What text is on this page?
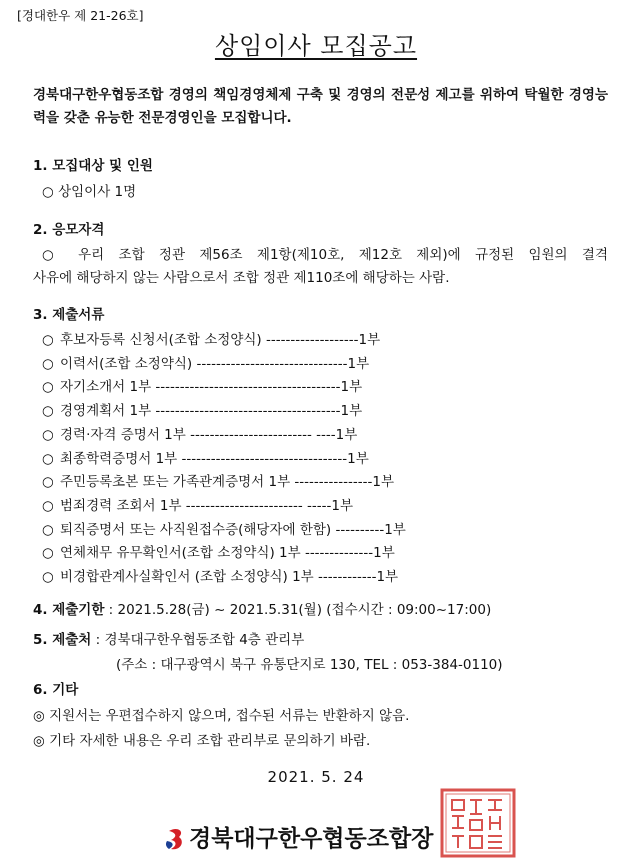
[경대한우 제 21-26호]
상임이사 모집공고
경북대구한우협동조합 경영의 책임경영체제 구축 및 경영의 전문성 제고를 위하여 탁월한 경영능력을 갖춘 유능한 전문경영인을 모집합니다.
1. 모집대상 및 인원
○ 상임이사 1명
2. 응모자격
○ 우리 조합 정관 제56조 제1항(제10호, 제12호 제외)에 규정된 임원의 결격
사유에 해당하지 않는 사람으로서 조합 정관 제110조에 해당하는 사람.
3. 제출서류
○ 후보자등록 신청서(조합 소정양식) -------------------1부
○ 이력서(조합 소정약식) -------------------------------1부
○ 자기소개서 1부 --------------------------------------1부
○ 경영계획서 1부 --------------------------------------1부
○ 경력·자격 증명서 1부 ------------------------- ----1부
○ 최종학력증명서 1부 ----------------------------------1부
○ 주민등록초본 또는 가족관계증명서 1부 ----------------1부
○ 범죄경력 조회서 1부 ------------------------ -----1부
○ 퇴직증명서 또는 사직원접수증(해당자에 한함) ----------1부
○ 연체채무 유무확인서(조합 소정약식) 1부 --------------1부
○ 비경합관계사실확인서 (조합 소정양식) 1부 ------------1부
4. 제출기한 : 2021.5.28(금) ~ 2021.5.31(월) (접수시간 : 09:00~17:00)
5. 제출처 : 경북대구한우협동조합 4층 관리부
(주소 : 대구광역시 북구 유통단지로 130, TEL : 053-384-0110)
6. 기타
◎ 지원서는 우편접수하지 않으며, 접수된 서류는 반환하지 않음.
◎ 기타 자세한 내용은 우리 조합 관리부로 문의하기 바람.
2021. 5. 24
경북대구한우협동조합장
